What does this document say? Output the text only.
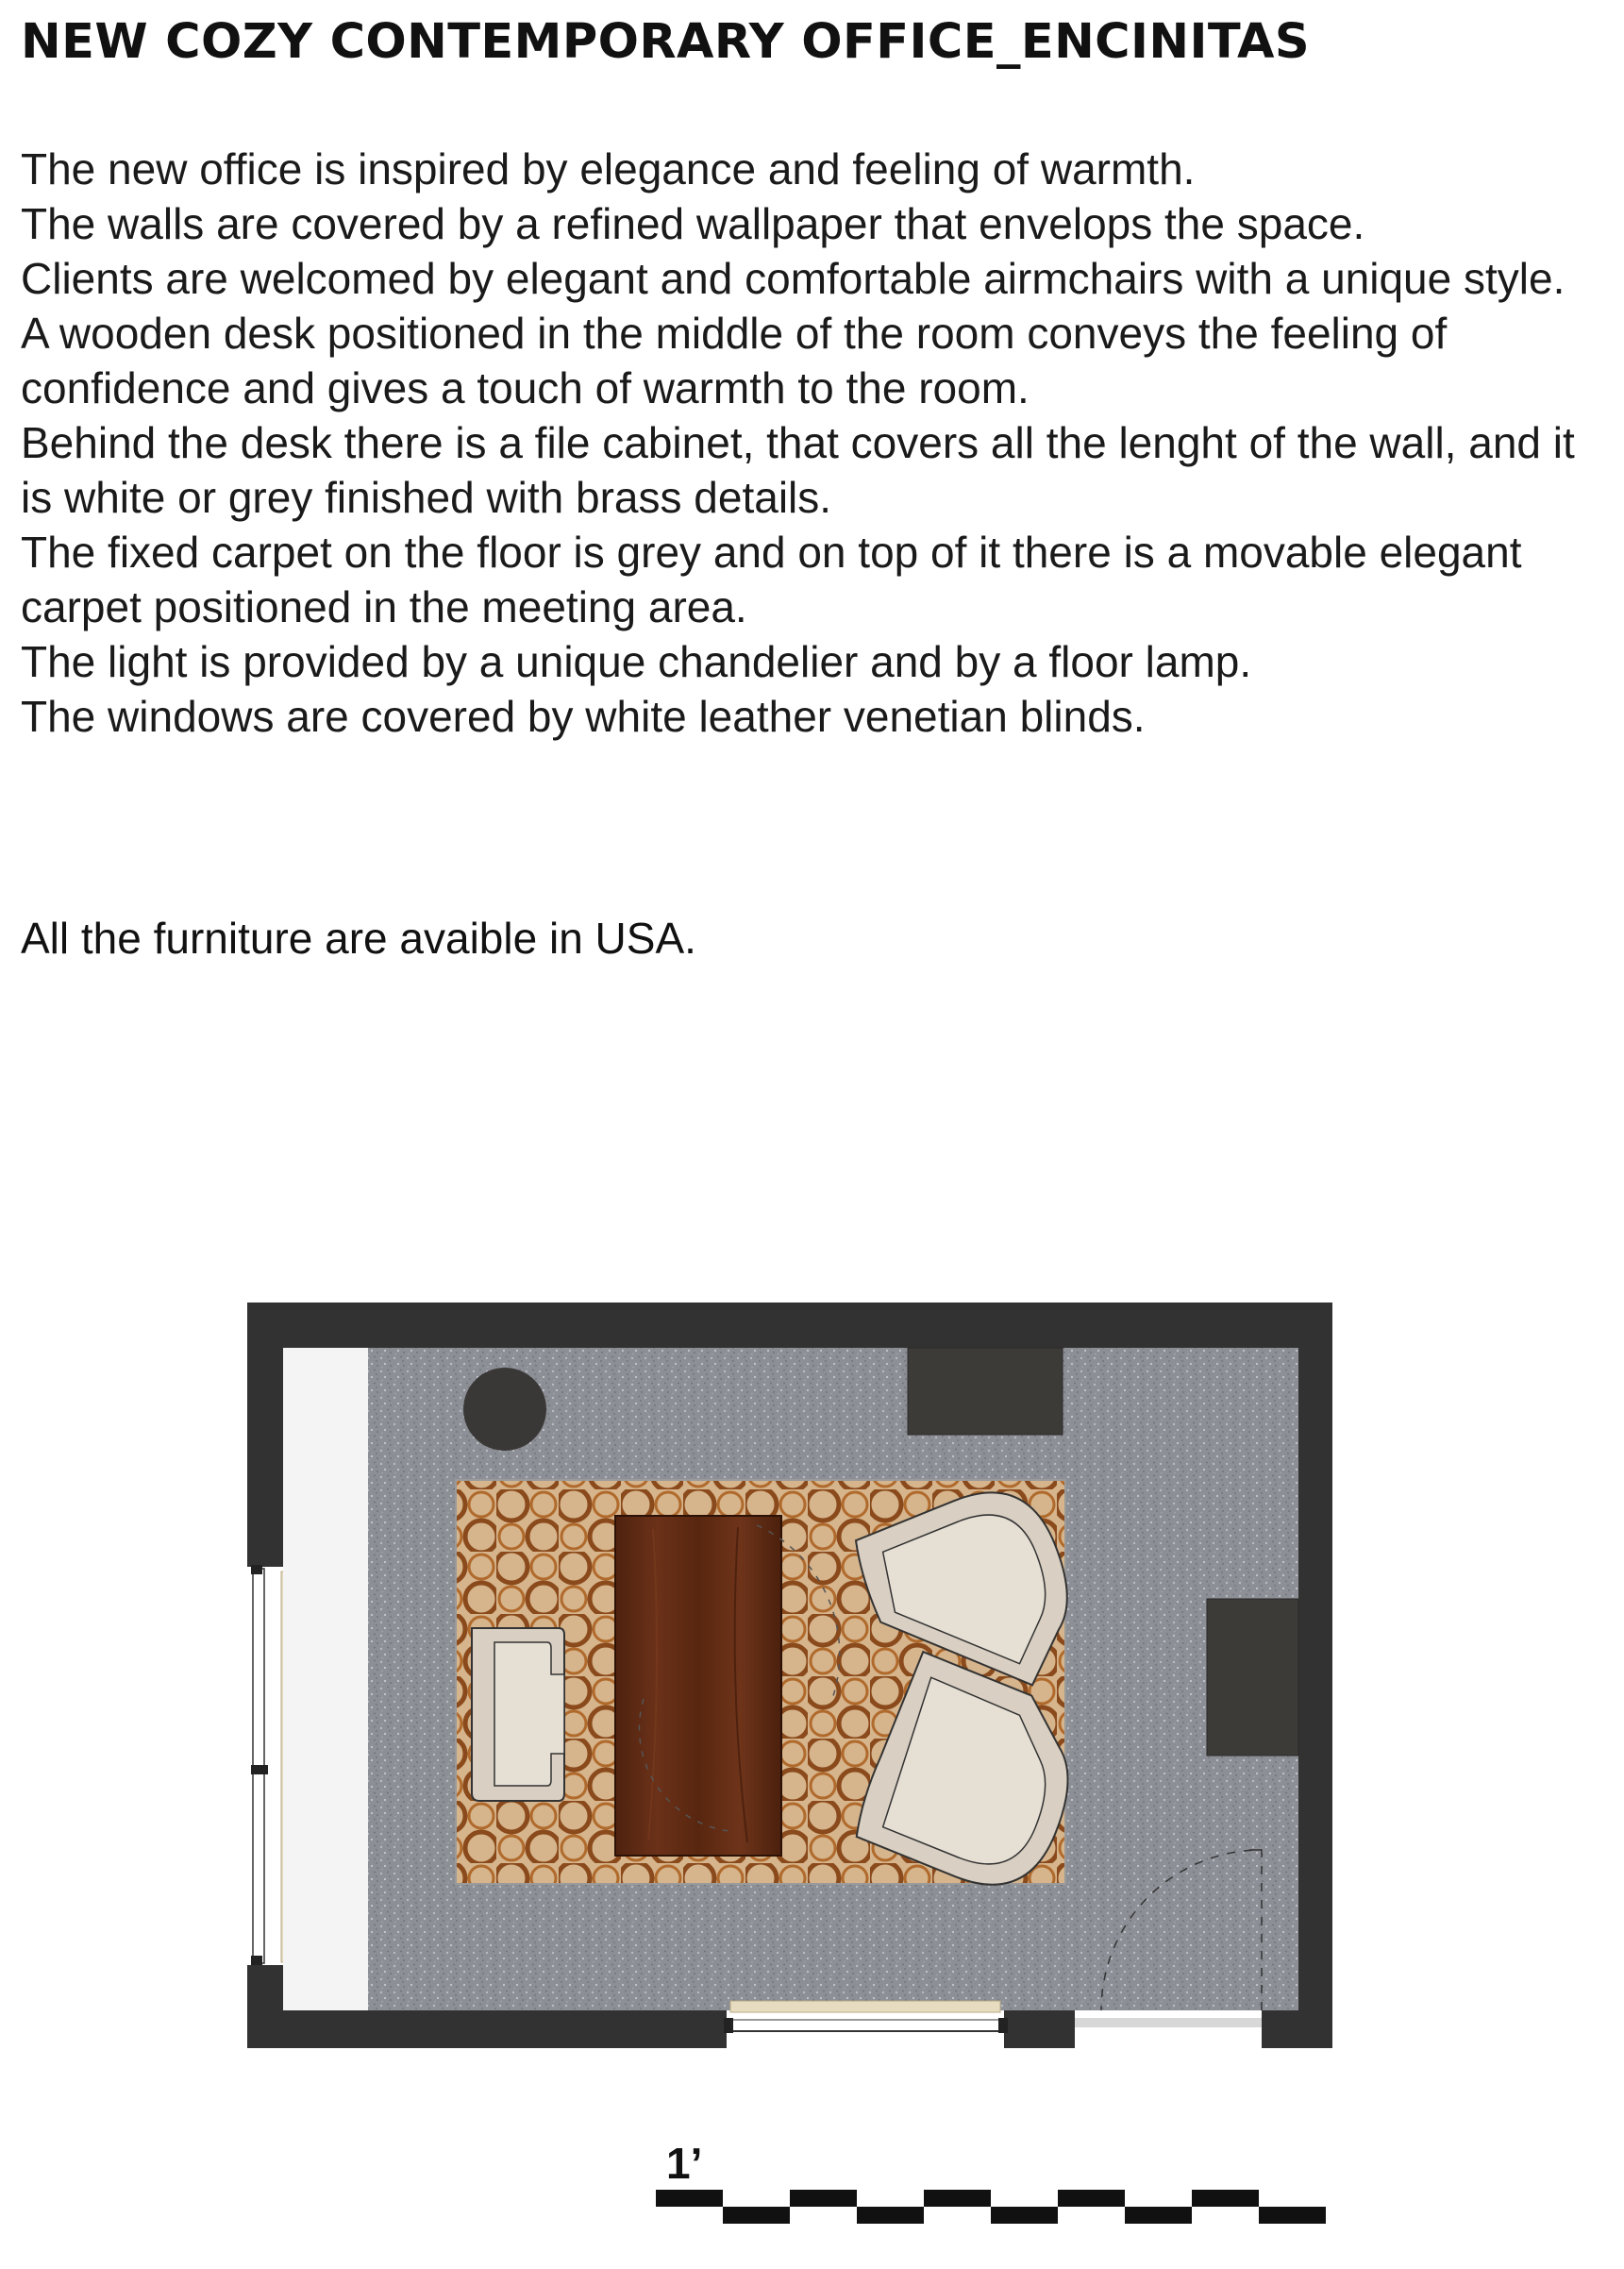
NEW COZY CONTEMPORARY OFFICE_ENCINITAS

The new office is inspired by elegance and feeling of warmth.

The walls are covered by a refined wallpaper that envelops the space.

Clients are welcomed by elegant and comfortable airmchairs with a unique style.

A wooden desk positioned in the middle of the room conveys the feeling of confidence and gives a touch of warmth to the room.

Behind the desk there is a file cabinet, that covers all the lenght of the wall, and it is white or grey finished with brass details.

The fixed carpet on the floor is grey and on top of it there is a movable elegant carpet positioned in the meeting area.

The light is provided by a unique chandelier and by a floor lamp.

The windows are covered by white leather venetian blinds.

All the furniture are avaible in USA.

1’
